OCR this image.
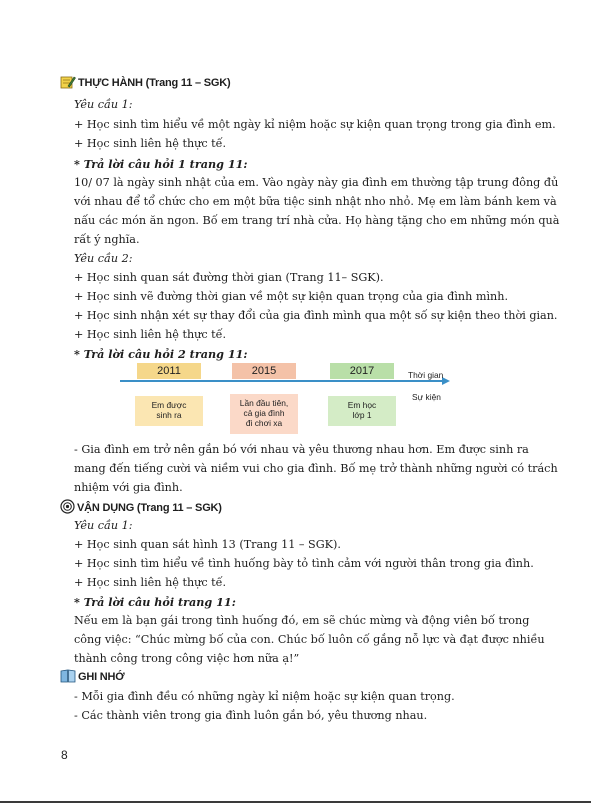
THỰC HÀNH (Trang 11 – SGK)
Yêu cầu 1:
+ Học sinh tìm hiểu về một ngày kỉ niệm hoặc sự kiện quan trọng trong gia đình em.
+ Học sinh liên hệ thực tế.
* Trả lời câu hỏi 1 trang 11:
10/ 07 là ngày sinh nhật của em. Vào ngày này gia đình em thường tập trung đông đủ
với nhau để tổ chức cho em một bữa tiệc sinh nhật nho nhỏ. Mẹ em làm bánh kem và
nấu các món ăn ngon. Bố em trang trí nhà cửa. Họ hàng tặng cho em những món quà
rất ý nghĩa.
Yêu cầu 2:
+ Học sinh quan sát đường thời gian (Trang 11– SGK).
+ Học sinh vẽ đường thời gian về một sự kiện quan trọng của gia đình mình.
+ Học sinh nhận xét sự thay đổi của gia đình mình qua một số sự kiện theo thời gian.
+ Học sinh liên hệ thực tế.
* Trả lời câu hỏi 2 trang 11:
2011	2015	2017
Em được
sinh ra
Lần đầu tiên,
cả gia đình
đi chơi xa
Em học
lớp 1
Thời gian
Sự kiện
- Gia đình em trở nên gắn bó với nhau và yêu thương nhau hơn. Em được sinh ra
mang đến tiếng cười và niềm vui cho gia đình. Bố mẹ trở thành những người có trách
nhiệm với gia đình.
VẬN DỤNG (Trang 11 – SGK)
Yêu cầu 1:
+ Học sinh quan sát hình 13 (Trang 11 – SGK).
+ Học sinh tìm hiểu về tình huống bày tỏ tình cảm với người thân trong gia đình.
+ Học sinh liên hệ thực tế.
* Trả lời câu hỏi trang 11:
Nếu em là bạn gái trong tình huống đó, em sẽ chúc mừng và động viên bố trong
công việc: “Chúc mừng bố của con. Chúc bố luôn cố gắng nỗ lực và đạt được nhiều
thành công trong công việc hơn nữa ạ!”
GHI NHỚ
- Mỗi gia đình đều có những ngày kỉ niệm hoặc sự kiện quan trọng.
- Các thành viên trong gia đình luôn gắn bó, yêu thương nhau.
8
